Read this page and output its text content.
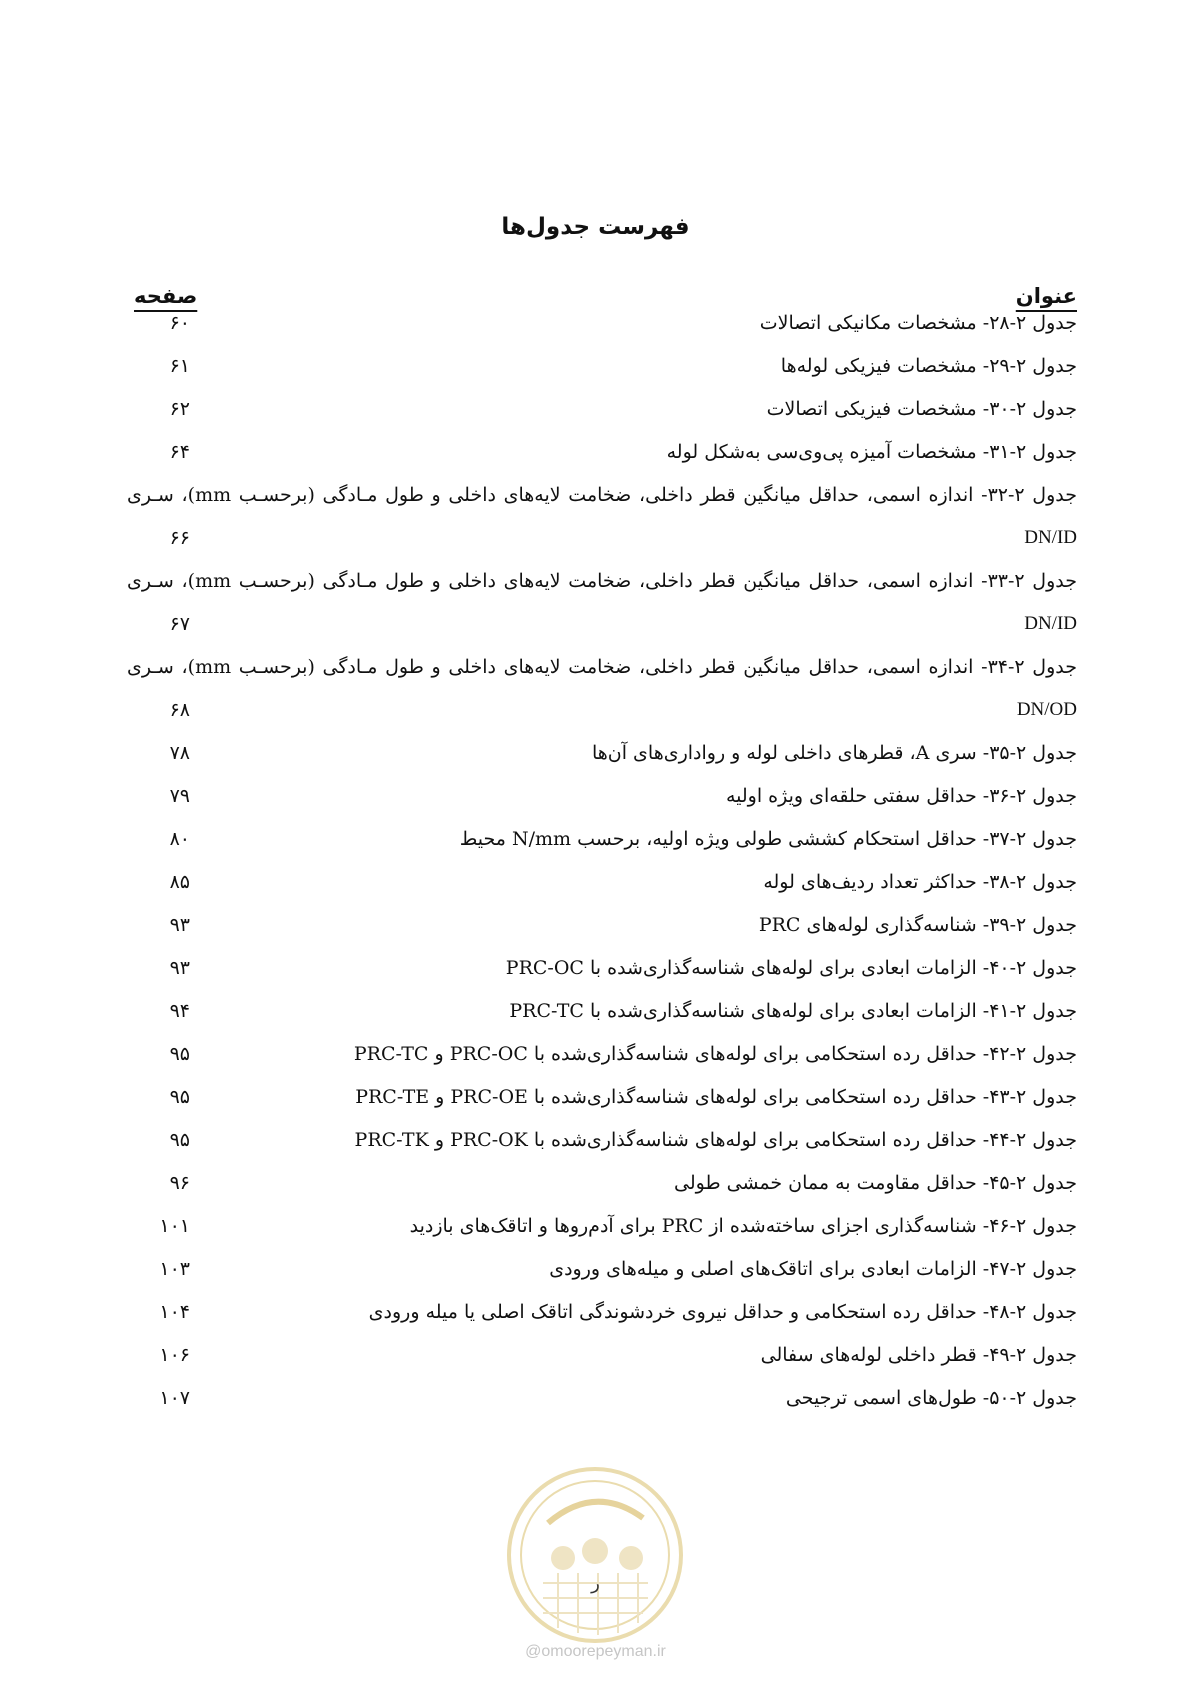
فهرست جدول‌ها
عنوان
صفحه
جدول ۲-۲۸- مشخصات مکانیکی اتصالات
۶۰
جدول ۲-۲۹- مشخصات فیزیکی لوله‌ها
۶۱
جدول ۲-۳۰- مشخصات فیزیکی اتصالات
۶۲
جدول ۲-۳۱- مشخصات آمیزه پی‌وی‌سی به‌شکل لوله
۶۴
جدول ۲-۳۲- اندازه اسمی، حداقل میانگین قطر داخلی، ضخامت لایه‌های داخلی و طول مـادگی (برحسـب mm)، سـری
DN/ID
۶۶
جدول ۲-۳۳- اندازه اسمی، حداقل میانگین قطر داخلی، ضخامت لایه‌های داخلی و طول مـادگی (برحسـب mm)، سـری
DN/ID
۶۷
جدول ۲-۳۴- اندازه اسمی، حداقل میانگین قطر داخلی، ضخامت لایه‌های داخلی و طول مـادگی (برحسـب mm)، سـری
DN/OD
۶۸
جدول ۲-۳۵- سری A، قطرهای داخلی لوله و رواداری‌های آن‌ها
۷۸
جدول ۲-۳۶- حداقل سفتی حلقه‌ای ویژه اولیه
۷۹
جدول ۲-۳۷- حداقل استحکام کششی طولی ویژه اولیه، برحسب N/mm محیط
۸۰
جدول ۲-۳۸- حداکثر تعداد ردیف‌های لوله
۸۵
جدول ۲-۳۹- شناسه‌گذاری لوله‌های PRC
۹۳
جدول ۲-۴۰- الزامات ابعادی برای لوله‌های شناسه‌گذاری‌شده با PRC-OC
۹۳
جدول ۲-۴۱- الزامات ابعادی برای لوله‌های شناسه‌گذاری‌شده با PRC-TC
۹۴
جدول ۲-۴۲- حداقل رده استحکامی برای لوله‌های شناسه‌گذاری‌شده با PRC-OC و PRC-TC
۹۵
جدول ۲-۴۳- حداقل رده استحکامی برای لوله‌های شناسه‌گذاری‌شده با PRC-OE و PRC-TE
۹۵
جدول ۲-۴۴- حداقل رده استحکامی برای لوله‌های شناسه‌گذاری‌شده با PRC-OK و PRC-TK
۹۵
جدول ۲-۴۵- حداقل مقاومت به ممان خمشی طولی
۹۶
جدول ۲-۴۶- شناسه‌گذاری اجزای ساخته‌شده از PRC برای آدم‌روها و اتاقک‌های بازدید
۱۰۱
جدول ۲-۴۷- الزامات ابعادی برای اتاقک‌های اصلی و میله‌های ورودی
۱۰۳
جدول ۲-۴۸- حداقل رده استحکامی و حداقل نیروی خردشوندگی اتاقک اصلی یا میله ورودی
۱۰۴
جدول ۲-۴۹- قطر داخلی لوله‌های سفالی
۱۰۶
جدول ۲-۵۰- طول‌های اسمی ترجیحی
۱۰۷
ر
@omoorepeyman.ir
